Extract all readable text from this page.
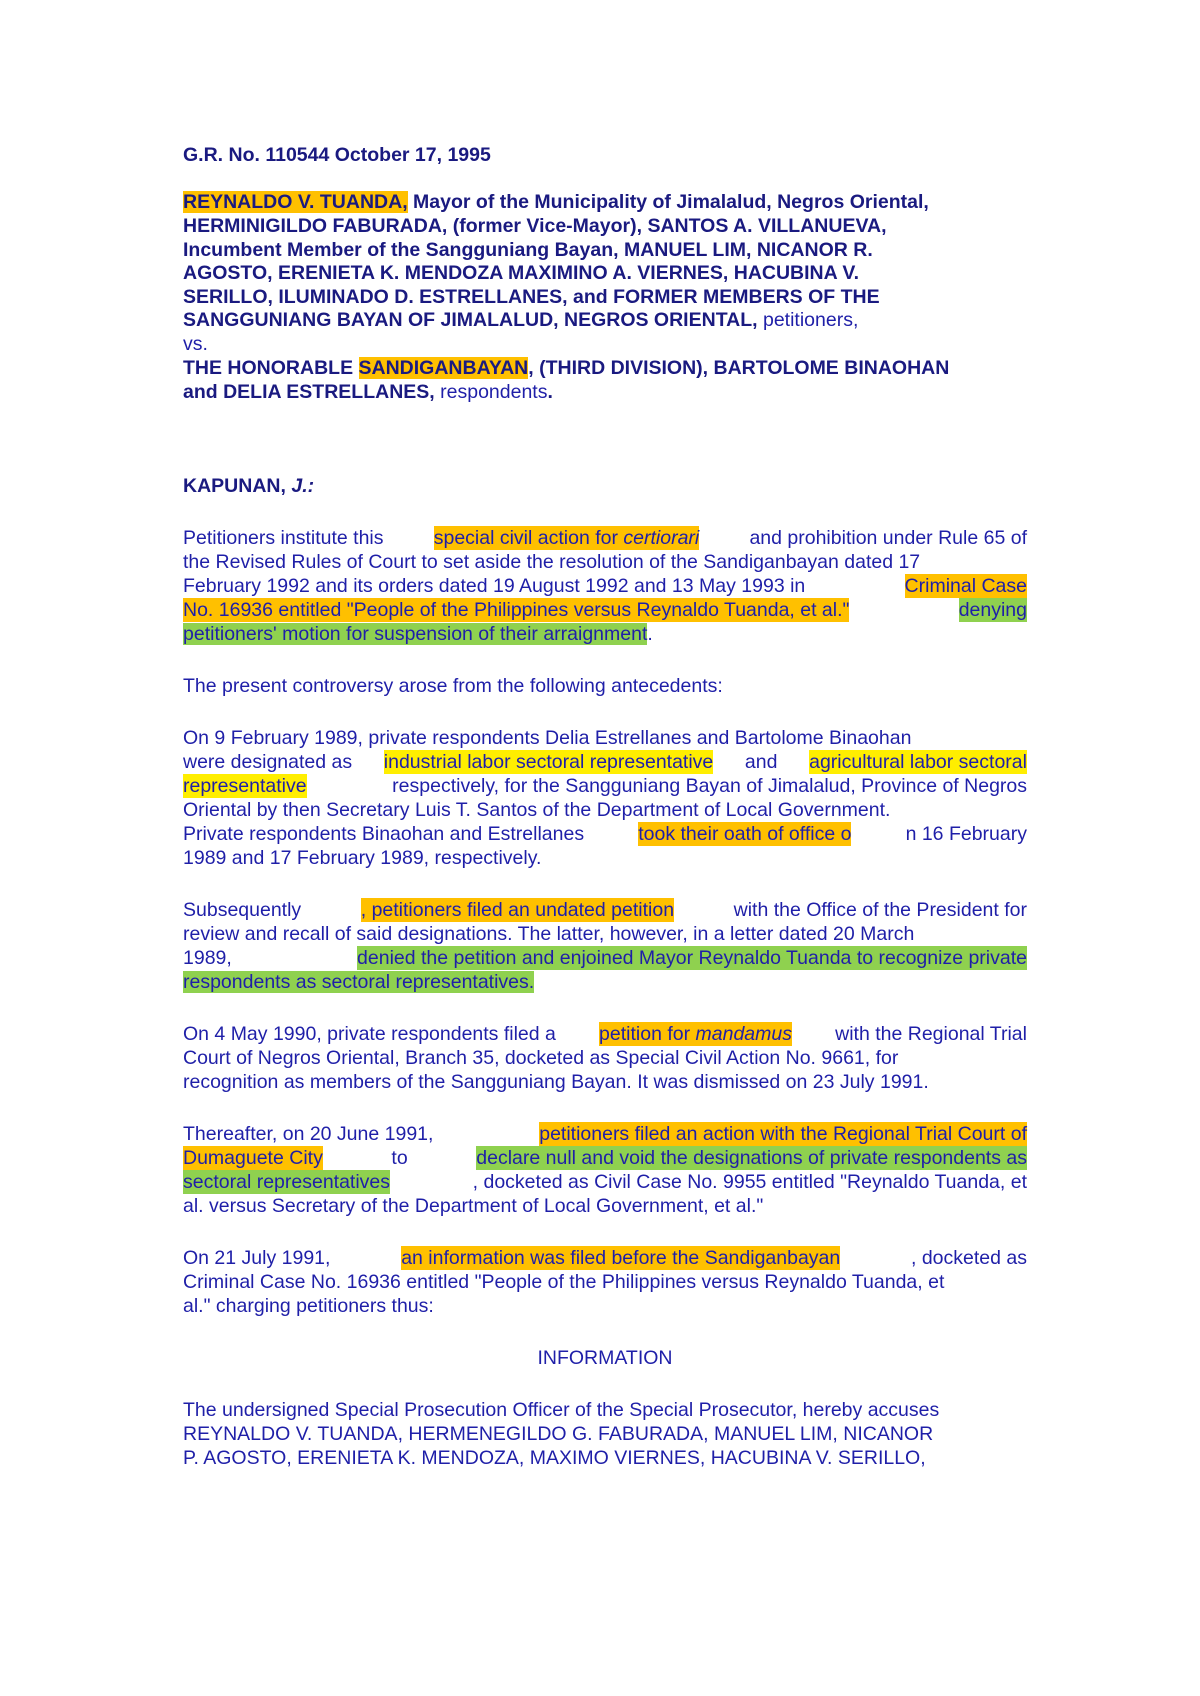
G.R. No. 110544 October 17, 1995
REYNALDO V. TUANDA, Mayor of the Municipality of Jimalalud, Negros Oriental,
HERMINIGILDO FABURADA, (former Vice-Mayor), SANTOS A. VILLANUEVA,
Incumbent Member of the Sangguniang Bayan, MANUEL LIM, NICANOR R.
AGOSTO, ERENIETA K. MENDOZA MAXIMINO A. VIERNES, HACUBINA V.
SERILLO, ILUMINADO D. ESTRELLANES, and FORMER MEMBERS OF THE
SANGGUNIANG BAYAN OF JIMALALUD, NEGROS ORIENTAL, petitioners,
vs.
THE HONORABLE SANDIGANBAYAN, (THIRD DIVISION), BARTOLOME BINAOHAN
and DELIA ESTRELLANES, respondents.
KAPUNAN, J.:
Petitioners institute this	special civil action for certiorari	and prohibition under Rule 65 of
the Revised Rules of Court to set aside the resolution of the Sandiganbayan dated 17
February 1992 and its orders dated 19 August 1992 and 13 May 1993 in	Criminal Case
No. 16936 entitled "People of the Philippines versus Reynaldo Tuanda, et al."	denying
petitioners' motion for suspension of their arraignment.
The present controversy arose from the following antecedents:
On 9 February 1989, private respondents Delia Estrellanes and Bartolome Binaohan
were designated as industrial labor sectoral representative and agricultural labor sectoral
representative	respectively, for the Sangguniang Bayan of Jimalalud, Province of Negros
Oriental by then Secretary Luis T. Santos of the Department of Local Government.
Private respondents Binaohan and Estrellanes	took their oath of office o	n 16 February
1989 and 17 February 1989, respectively.
Subsequently	, petitioners filed an undated petition	with the Office of the President for
review and recall of said designations. The latter, however, in a letter dated 20 March
1989,	denied the petition and enjoined Mayor Reynaldo Tuanda to recognize private
respondents as sectoral representatives.
On 4 May 1990, private respondents filed a petition for mandamus with the Regional Trial
Court of Negros Oriental, Branch 35, docketed as Special Civil Action No. 9661, for
recognition as members of the Sangguniang Bayan. It was dismissed on 23 July 1991.
Thereafter, on 20 June 1991,	petitioners filed an action with the Regional Trial Court of
Dumaguete City	to	declare null and void the designations of private respondents as
sectoral representatives	, docketed as Civil Case No. 9955 entitled "Reynaldo Tuanda, et
al. versus Secretary of the Department of Local Government, et al."
On 21 July 1991,	an information was filed before the Sandiganbayan	, docketed as
Criminal Case No. 16936 entitled "People of the Philippines versus Reynaldo Tuanda, et
al." charging petitioners thus:
INFORMATION
The undersigned Special Prosecution Officer of the Special Prosecutor, hereby accuses
REYNALDO V. TUANDA, HERMENEGILDO G. FABURADA, MANUEL LIM, NICANOR
P. AGOSTO, ERENIETA K. MENDOZA, MAXIMO VIERNES, HACUBINA V. SERILLO,
